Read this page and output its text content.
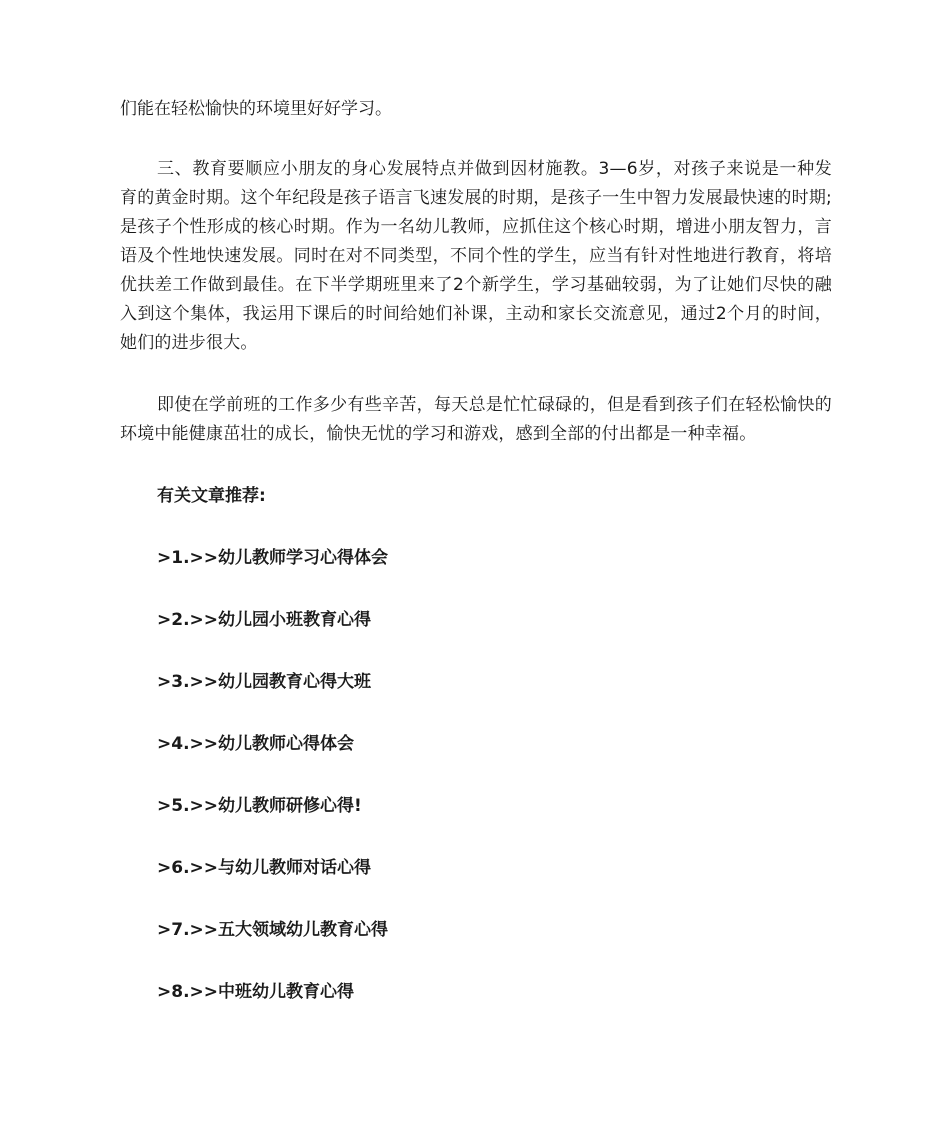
们能在轻松愉快的环境里好好学习。
三、教育要顺应小朋友的身心发展特点并做到因材施教。3—6岁，对孩子来说是一种发育的黄金时期。这个年纪段是孩子语言飞速发展的时期，是孩子一生中智力发展最快速的时期;是孩子个性形成的核心时期。作为一名幼儿教师，应抓住这个核心时期，增进小朋友智力，言语及个性地快速发展。同时在对不同类型，不同个性的学生，应当有针对性地进行教育，将培优扶差工作做到最佳。在下半学期班里来了2个新学生，学习基础较弱，为了让她们尽快的融入到这个集体，我运用下课后的时间给她们补课，主动和家长交流意见，通过2个月的时间，她们的进步很大。
即使在学前班的工作多少有些辛苦，每天总是忙忙碌碌的，但是看到孩子们在轻松愉快的环境中能健康茁壮的成长，愉快无忧的学习和游戏，感到全部的付出都是一种幸福。
有关文章推荐:
>1.>>幼儿教师学习心得体会
>2.>>幼儿园小班教育心得
>3.>>幼儿园教育心得大班
>4.>>幼儿教师心得体会
>5.>>幼儿教师研修心得!
>6.>>与幼儿教师对话心得
>7.>>五大领域幼儿教育心得
>8.>>中班幼儿教育心得
